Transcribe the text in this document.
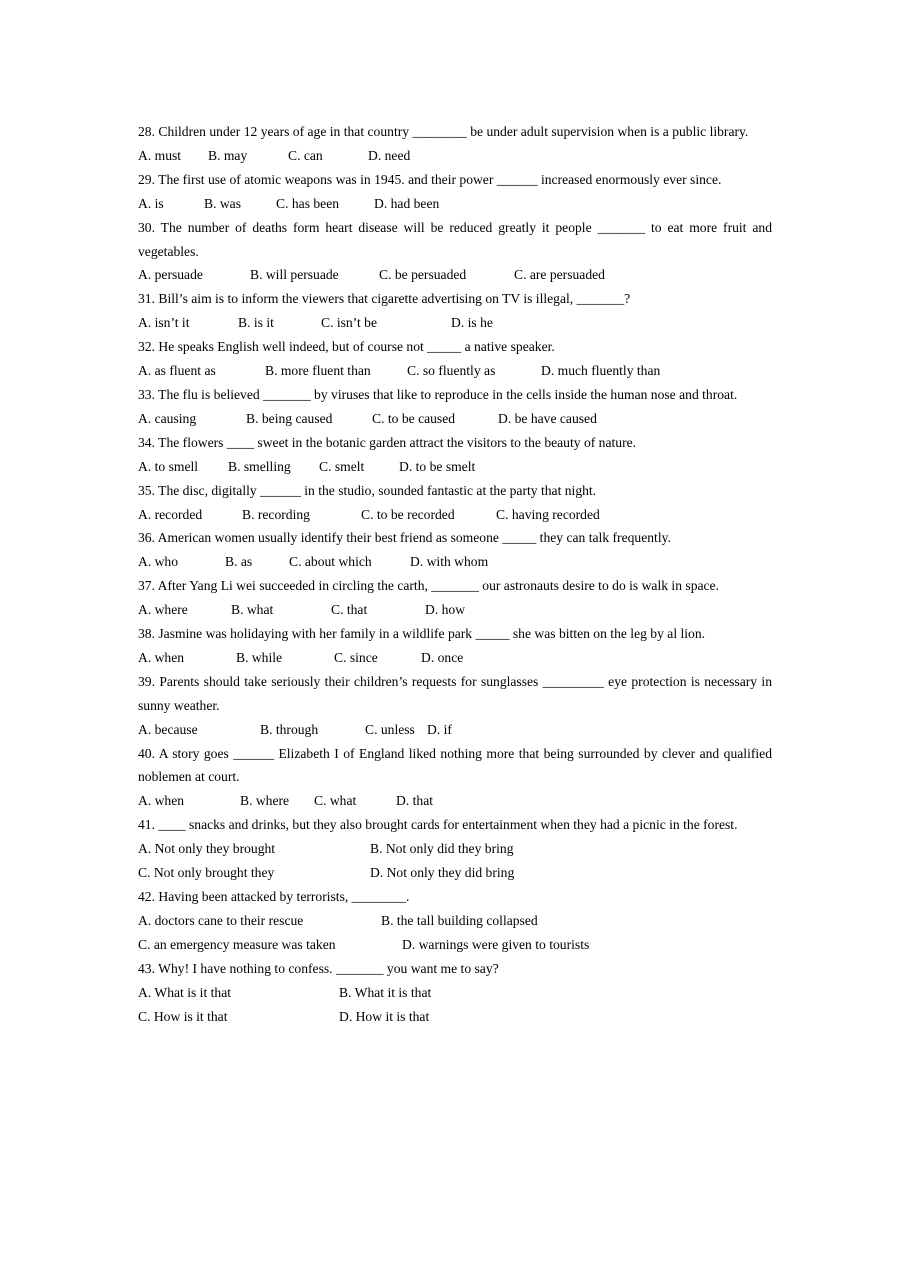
28. Children under 12 years of age in that country ________ be under adult supervision when is a public library.
A. must	B. may	C. can	D. need
29. The first use of atomic weapons was in 1945. and their power ______ increased enormously ever since.
A. is	B. was	C. has been	D. had been
30. The number of deaths form heart disease will be reduced greatly it people _______ to eat more fruit and vegetables.
A. persuade	B. will persuade	C. be persuaded	C. are persuaded
31. Bill’s aim is to inform the viewers that cigarette advertising on TV is illegal, _______?
A. isn’t it	B. is it	C. isn’t be	D. is he
32. He speaks English well indeed, but of course not _____ a native speaker.
A. as fluent as	B. more fluent than	C. so fluently as	D. much fluently than
33. The flu is believed _______ by viruses that like to reproduce in the cells inside the human nose and throat.
A. causing	B. being caused	C. to be caused	D. be have caused
34. The flowers ____ sweet in the botanic garden attract the visitors to the beauty of nature.
A. to smell	B. smelling	C. smelt	D. to be smelt
35. The disc, digitally ______ in the studio, sounded fantastic at the party that night.
A. recorded	B. recording	C. to be recorded	C. having recorded
36. American women usually identify their best friend as someone _____ they can talk frequently.
A. who	B. as	C. about which	D. with whom
37. After Yang Li wei succeeded in circling the carth, _______ our astronauts desire to do is walk in space.
A. where	B. what	C. that	D. how
38. Jasmine was holidaying with her family in a wildlife park _____ she was bitten on the leg by al lion.
A. when	B. while	C. since	D. once
39. Parents should take seriously their children’s requests for sunglasses _________ eye protection is necessary in sunny weather.
A. because	B. through	C. unless D. if
40. A story goes ______ Elizabeth I of England liked nothing more that being surrounded by clever and qualified noblemen at court.
A. when	B. where	C. what	D. that
41. ____ snacks and drinks, but they also brought cards for entertainment when they had a picnic in the forest.
A. Not only they brought	B. Not only did they bring
C. Not only brought they	D. Not only they did bring
42. Having been attacked by terrorists, ________.
A. doctors cane to their rescue	B. the tall building collapsed
C. an emergency measure was taken	D. warnings were given to tourists
43. Why! I have nothing to confess. _______ you want me to say?
A. What is it that	B. What it is that
C. How is it that	D. How it is that
